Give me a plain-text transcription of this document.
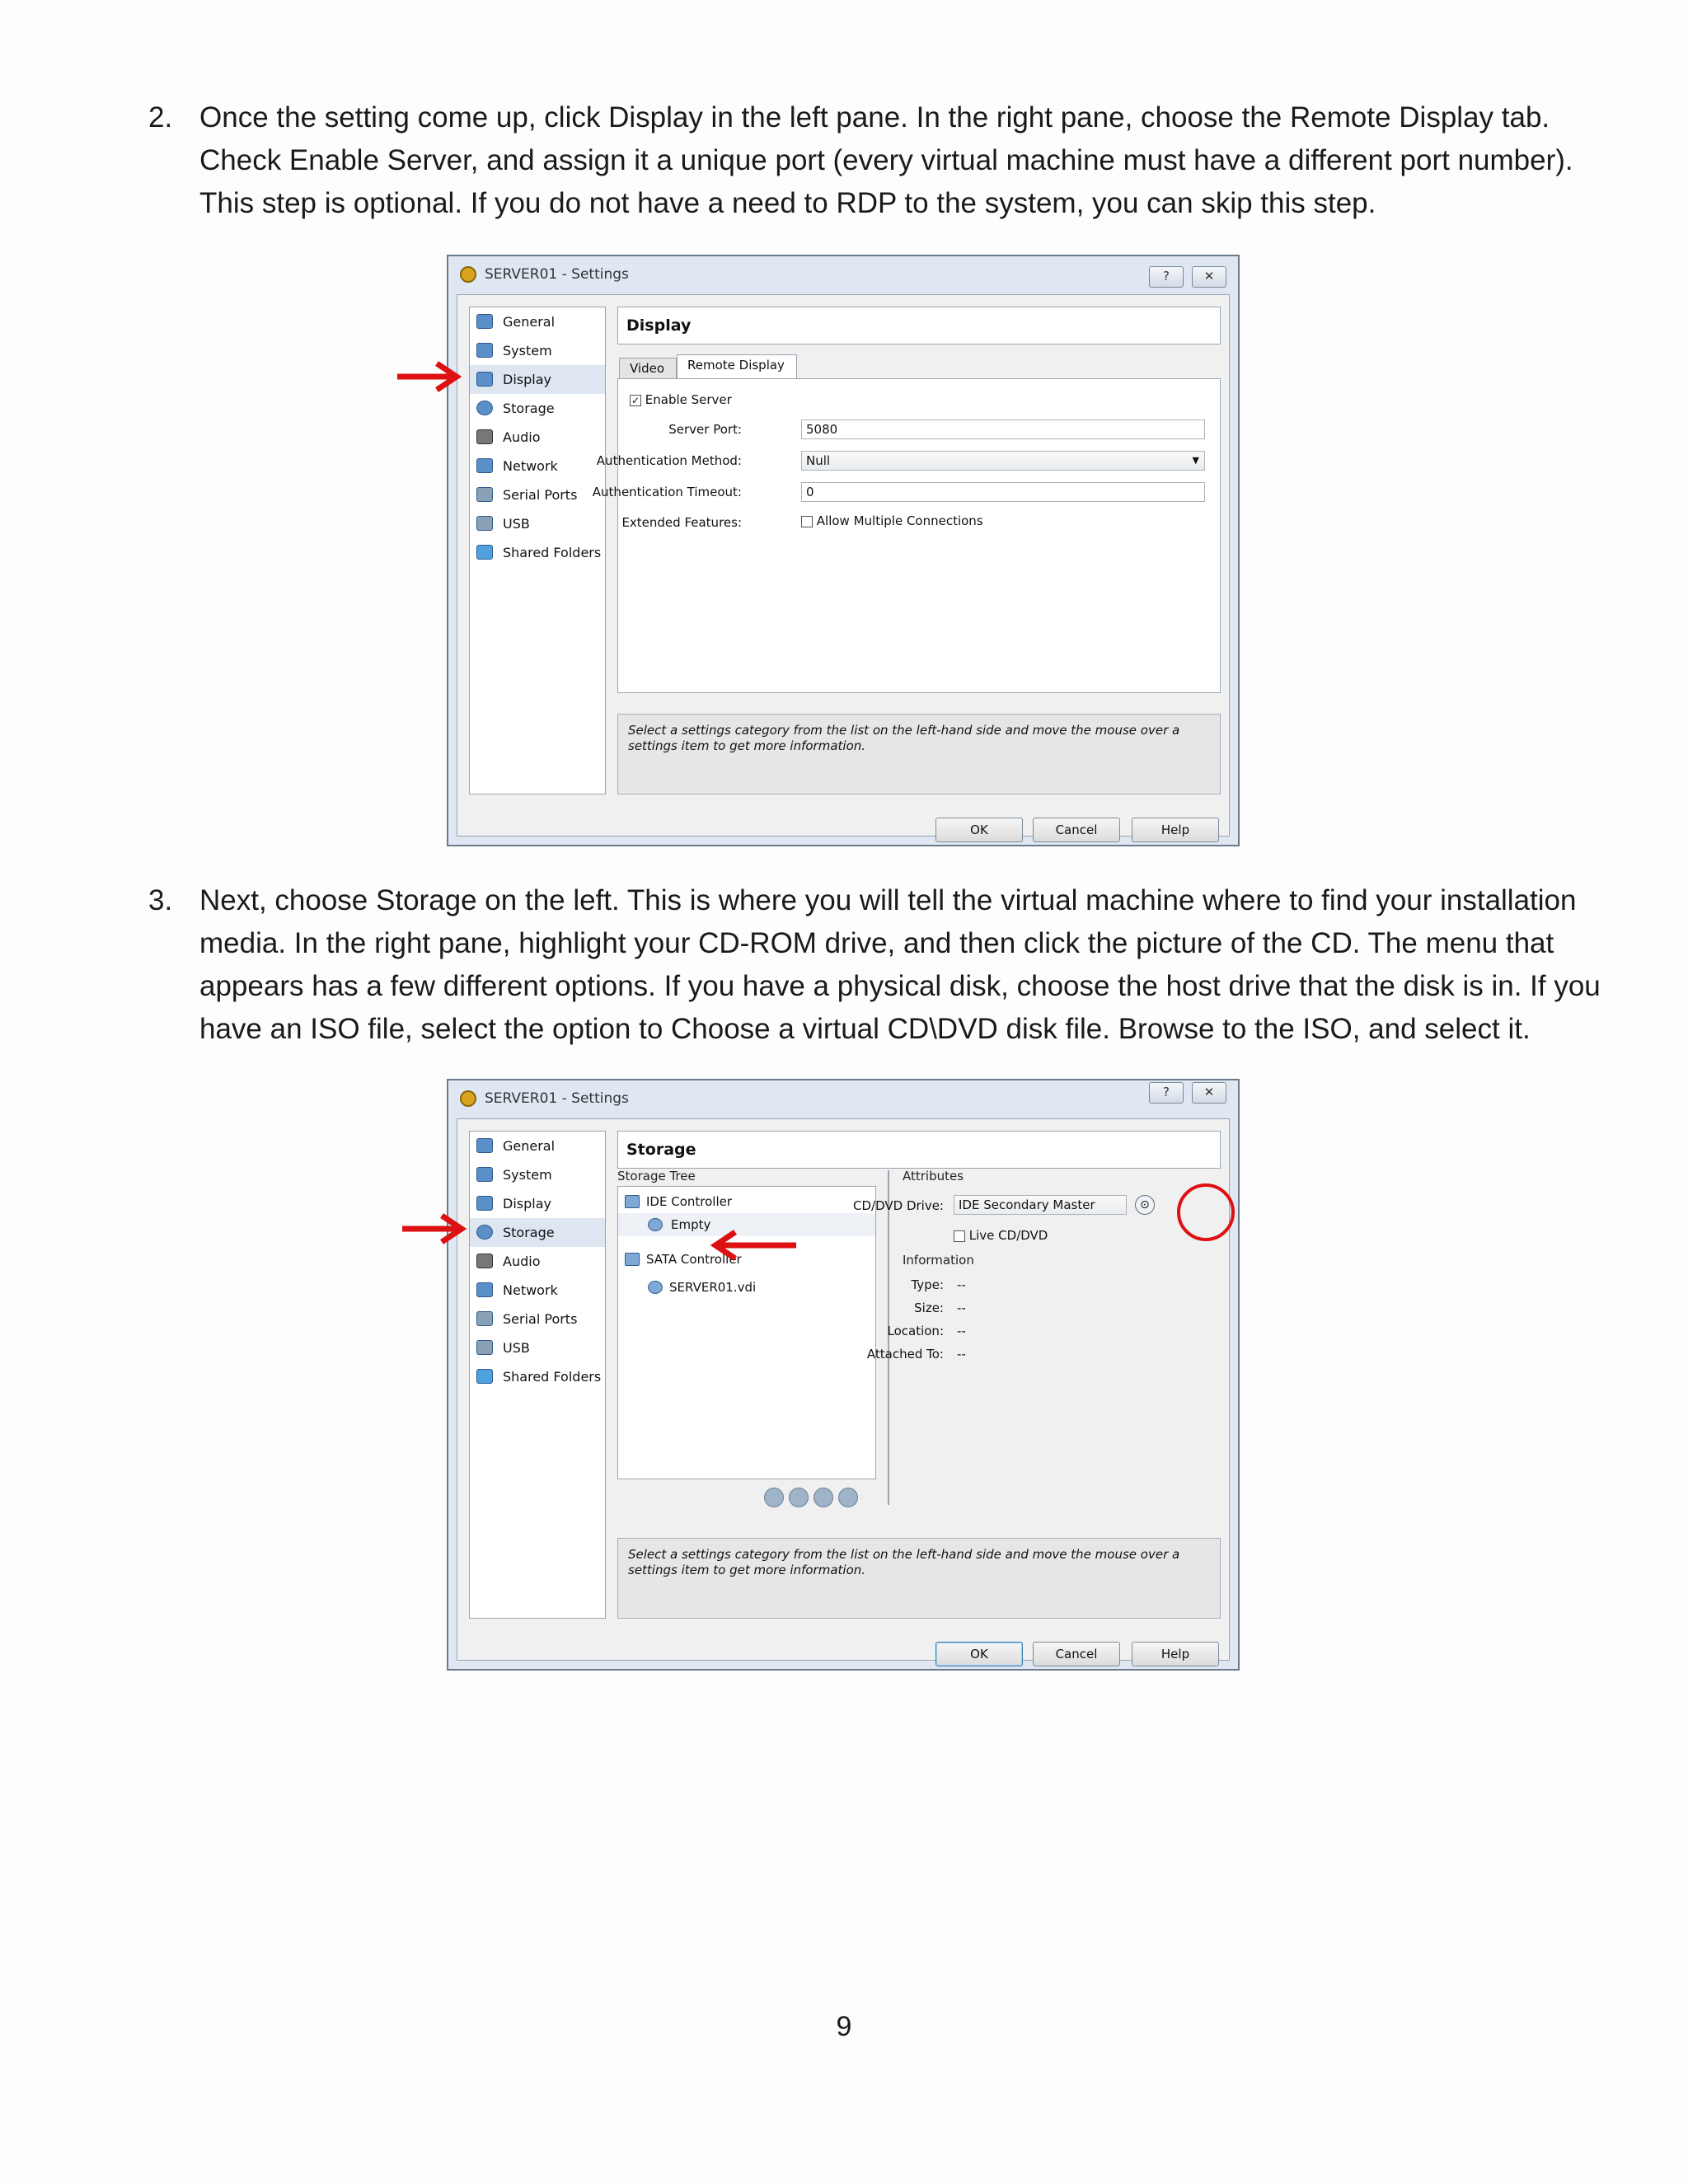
2. Once the setting come up, click Display in the left pane. In the right pane, choose the Remote Display tab. Check Enable Server, and assign it a unique port (every virtual machine must have a different port number). This step is optional. If you do not have a need to RDP to the system, you can skip this step.
SERVER01 - Settings	?	✕
General
System
Display
Storage
Audio
Network
Serial Ports
USB
Shared Folders
Display
Video	Remote Display
✓ Enable Server
Server Port:	5080
Authentication Method:	Null	▼
Authentication Timeout:	0
Extended Features:	Allow Multiple Connections
Select a settings category from the list on the left-hand side and move the mouse over a settings item to get more information.
OK	Cancel	Help
3. Next, choose Storage on the left. This is where you will tell the virtual machine where to find your installation media. In the right pane, highlight your CD-ROM drive, and then click the picture of the CD. The menu that appears has a few different options. If you have a physical disk, choose the host drive that the disk is in. If you have an ISO file, select the option to Choose a virtual CD\DVD disk file. Browse to the ISO, and select it.
SERVER01 - Settings	?	✕
General
System
Display
Storage
Audio
Network
Serial Ports
USB
Shared Folders
Storage
Storage Tree
IDE Controller
Empty
SATA Controller
SERVER01.vdi
Attributes
CD/DVD Drive:	IDE Secondary Master	⊙
Live CD/DVD
Information
Type: --
Size: --
Location: --
Attached To: --
Select a settings category from the list on the left-hand side and move the mouse over a settings item to get more information.
OK	Cancel	Help
9
